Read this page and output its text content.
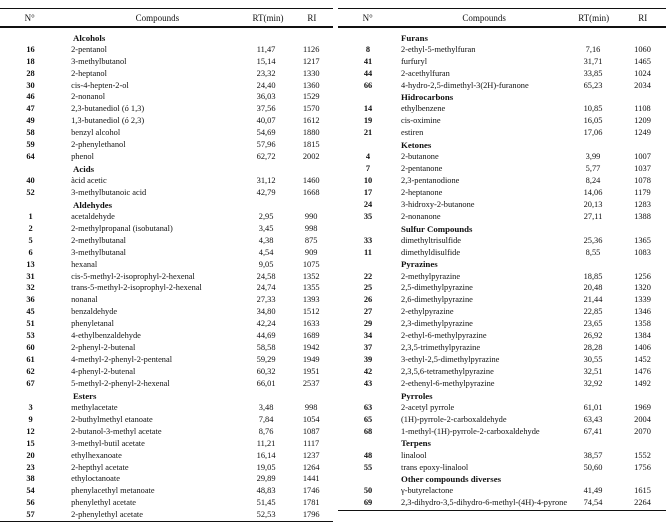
N°	Compounds	RT(min)	RI
Alcohols
16	2-pentanol	11,47	1126
18	3-methylbutanol	15,14	1217
28	2-heptanol	23,32	1330
30	cis-4-hepten-2-ol	24,40	1360
46	2-nonanol	36,03	1529
47	2,3-butanediol (ó 1,3)	37,56	1570
49	1,3-butanediol (ó 2,3)	40,07	1612
58	benzyl alcohol	54,69	1880
59	2-phenylethanol	57,96	1815
64	phenol	62,72	2002
Acids
40	àcid acetic	31,12	1460
52	3-methylbutanoic acid	42,79	1668
Aldehydes
1	acetaldehyde	2,95	990
2	2-methylpropanal (isobutanal)	3,45	998
5	2-methylbutanal	4,38	875
6	3-methylbutanal	4,54	909
13	hexanal	9,05	1075
31	cis-5-methyl-2-isoprophyl-2-hexenal	24,58	1352
32	trans-5-methyl-2-isoprophyl-2-hexenal	24,74	1355
36	nonanal	27,33	1393
45	benzaldehyde	34,80	1512
51	phenyletanal	42,24	1633
53	4-ethylbenzaldehyde	44,69	1689
60	2-phenyl-2-butenal	58,58	1942
61	4-methyl-2-phenyl-2-pentenal	59,29	1949
62	4-phenyl-2-butenal	60,32	1951
67	5-methyl-2-phenyl-2-hexenal	66,01	2537
Esters
3	methylacetate	3,48	998
9	2-buthylmethyl etanoate	7,84	1054
12	2-butanol-3-methyl acetate	8,76	1087
15	3-methyl-butil acetate	11,21	1117
20	ethylhexanoate	16,14	1237
23	2-hepthyl acetate	19,05	1264
38	ethyloctanoate	29,89	1441
54	phenylacethyl metanoate	48,83	1746
56	phenylethyl acetate	51,45	1781
57	2-phenylethyl acetate	52,53	1796
N°	Compounds	RT(min)	RI
Furans
8	2-ethyl-5-methylfuran	7,16	1060
41	furfuryl	31,71	1465
44	2-acethylfuran	33,85	1024
66	4-hydro-2,5-dimethyl-3(2H)-furanone	65,23	2034
Hidrocarbons
14	ethylbenzene	10,85	1108
19	cis-oximine	16,05	1209
21	estiren	17,06	1249
Ketones
4	2-butanone	3,99	1007
7	2-pentanone	5,77	1037
10	2,3-pentanodione	8,24	1078
17	2-heptanone	14,06	1179
24	3-hidroxy-2-butanone	20,13	1283
35	2-nonanone	27,11	1388
Sulfur Compounds
33	dimethyltrisulfide	25,36	1365
11	dimethyldisulfide	8,55	1083
Pyrazines
22	2-methylpyrazine	18,85	1256
25	2,5-dimethylpyrazine	20,48	1320
26	2,6-dimethylpyrazine	21,44	1339
27	2-ethylpyrazine	22,85	1346
29	2,3-dimethylpyrazine	23,65	1358
34	2-ethyl-6-methylpyrazine	26,92	1384
37	2,3,5-trimethylpyrazine	28,28	1406
39	3-ethyl-2,5-dimethylpyrazine	30,55	1452
42	2,3,5,6-tetramethylpyrazine	32,51	1476
43	2-ethenyl-6-methylpyrazine	32,92	1492
Pyrroles
63	2-acetyl pyrrole	61,01	1969
65	(1H)-pyrrole-2-carboxaldehyde	63,43	2004
68	1-methyl-(1H)-pyrrole-2-carboxaldehyde	67,41	2070
Terpens
48	linalool	38,57	1552
55	trans epoxy-linalool	50,60	1756
Other compounds diverses
50	γ-butyrelactone	41,49	1615
69	2,3-dihydro-3,5-dihydro-6-methyl-(4H)-4-pyrone	74,54	2264
